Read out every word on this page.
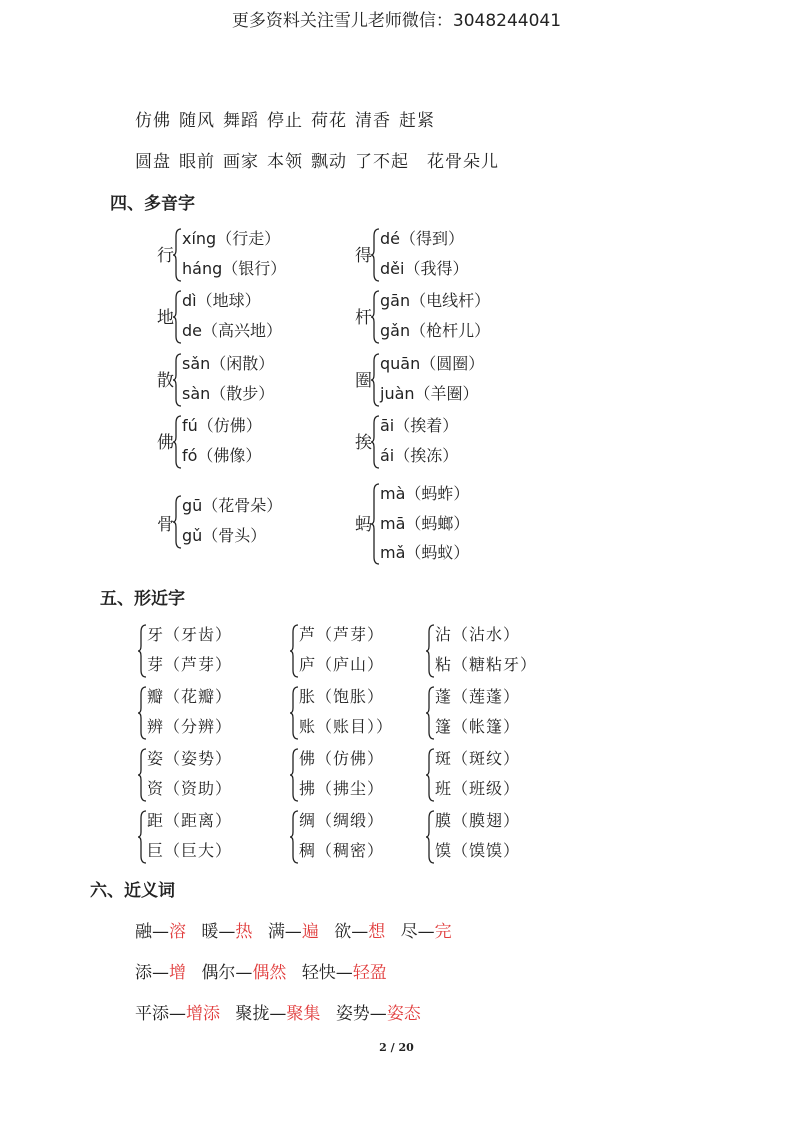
更多资料关注雪儿老师微信：3048244041
仿佛 随风 舞蹈 停止 荷花 清香 赶紧
圆盘 眼前 画家 本领 飘动 了不起 花骨朵儿
四、多音字
行
xíng（行走）
háng（银行）
地
dì（地球）
de（高兴地）
散
sǎn（闲散）
sàn（散步）
佛
fú（仿佛）
fó（佛像）
骨
gū（花骨朵）
gǔ（骨头）
得
dé（得到）
děi（我得）
杆
gān（电线杆）
gǎn（枪杆儿）
圈
quān（圆圈）
juàn（羊圈）
挨
āi（挨着）
ái（挨冻）
蚂
mà（蚂蚱）
mā（蚂螂）
mǎ（蚂蚁）
五、形近字
牙（牙齿）
芽（芦芽）
芦（芦芽）
庐（庐山）
沾（沾水）
粘（糖粘牙）
瓣（花瓣）
辨（分辨）
胀（饱胀）
账（账目））
蓬（莲蓬）
篷（帐篷）
姿（姿势）
资（资助）
佛（仿佛）
拂（拂尘）
斑（斑纹）
班（班级）
距（距离）
巨（巨大）
绸（绸缎）
稠（稠密）
膜（膜翅）
馍（馍馍）
六、近义词
融—溶 暖—热 满—遍 欲—想 尽—完
添—增 偶尔—偶然 轻快—轻盈
平添—增添 聚拢—聚集 姿势—姿态
2 / 20
